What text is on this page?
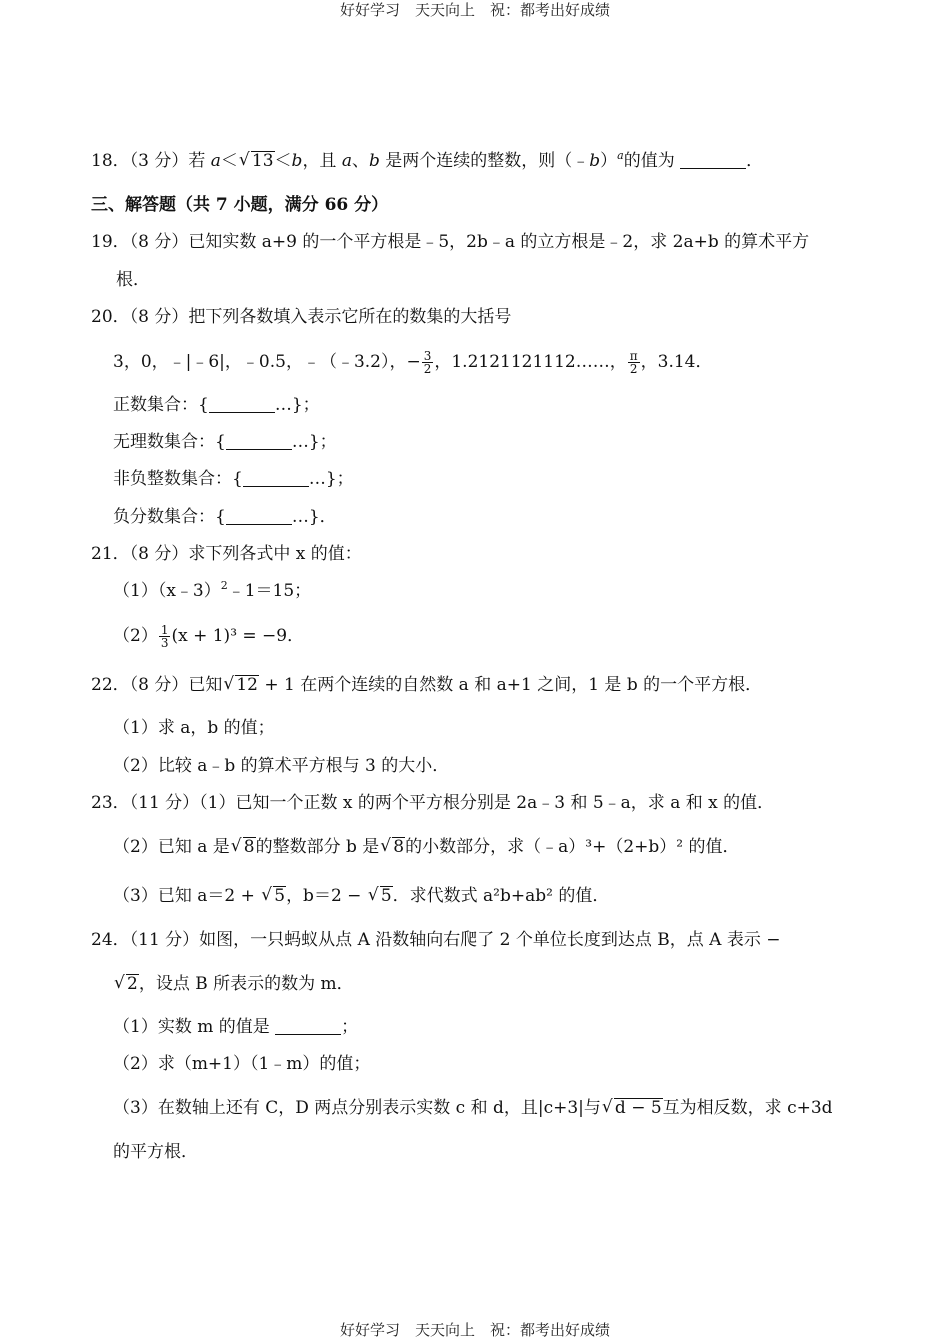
好好学习　天天向上　祝：都考出好成绩
18．（3 分）若 a＜ √ 13＜b，且 a、b 是两个连续的整数，则（﹣b）$^a$的值为	．
三、解答题（共 7 小题，满分 66 分）
19．（8 分）已知实数 a+9 的一个平方根是﹣5，2b﹣a 的立方根是﹣2，求 2a+b 的算术平方
根．
20．（8 分）把下列各数填入表示它所在的数集的大括号
3，0，﹣|﹣6|，﹣0.5，﹣（﹣3.2），− $\frac{3}{2}$ ，1.2121121112……， $\frac{\pi}{2}$ ，3.14．
正数集合：{	…}；
无理数集合：{	…}；
非负整数集合：{	…}；
负分数集合：{	…}．
21．（8 分）求下列各式中 x 的值：
（1）（x﹣3）$^2$﹣1＝15；
$(2) \frac{1}{3} (x + 1)^3 = -9$．
22．（8 分）已知 √ 12 + 1 在两个连续的自然数 a 和 a+1 之间，1 是 b 的一个平方根．
（1）求 a，b 的值；
（2）比较 a﹣b 的算术平方根与 3 的大小．
23．（11 分）（1）已知一个正数 x 的两个平方根分别是 2a﹣3 和 5﹣a，求 a 和 x 的值．
（2）已知 a 是 √ 8的整数部分 b 是 √ 8的小数部分，求（﹣a）³+（2+b）² 的值．
（3）已知 a＝2 + √ 5，b＝2 − √ 5．求代数式 a²b+ab² 的值．
24．（11 分）如图，一只蚂蚁从点 A 沿数轴向右爬了 2 个单位长度到达点 B，点 A 表示 −
√ 2，设点 B 所表示的数为 m．
（1）实数 m 的值是	；
（2）求（m+1）（1﹣m）的值；
（3）在数轴上还有 C，D 两点分别表示实数 c 和 d，且|c+3|与 √ d − 5互为相反数，求 c+3d
的平方根．
好好学习　天天向上　祝：都考出好成绩
